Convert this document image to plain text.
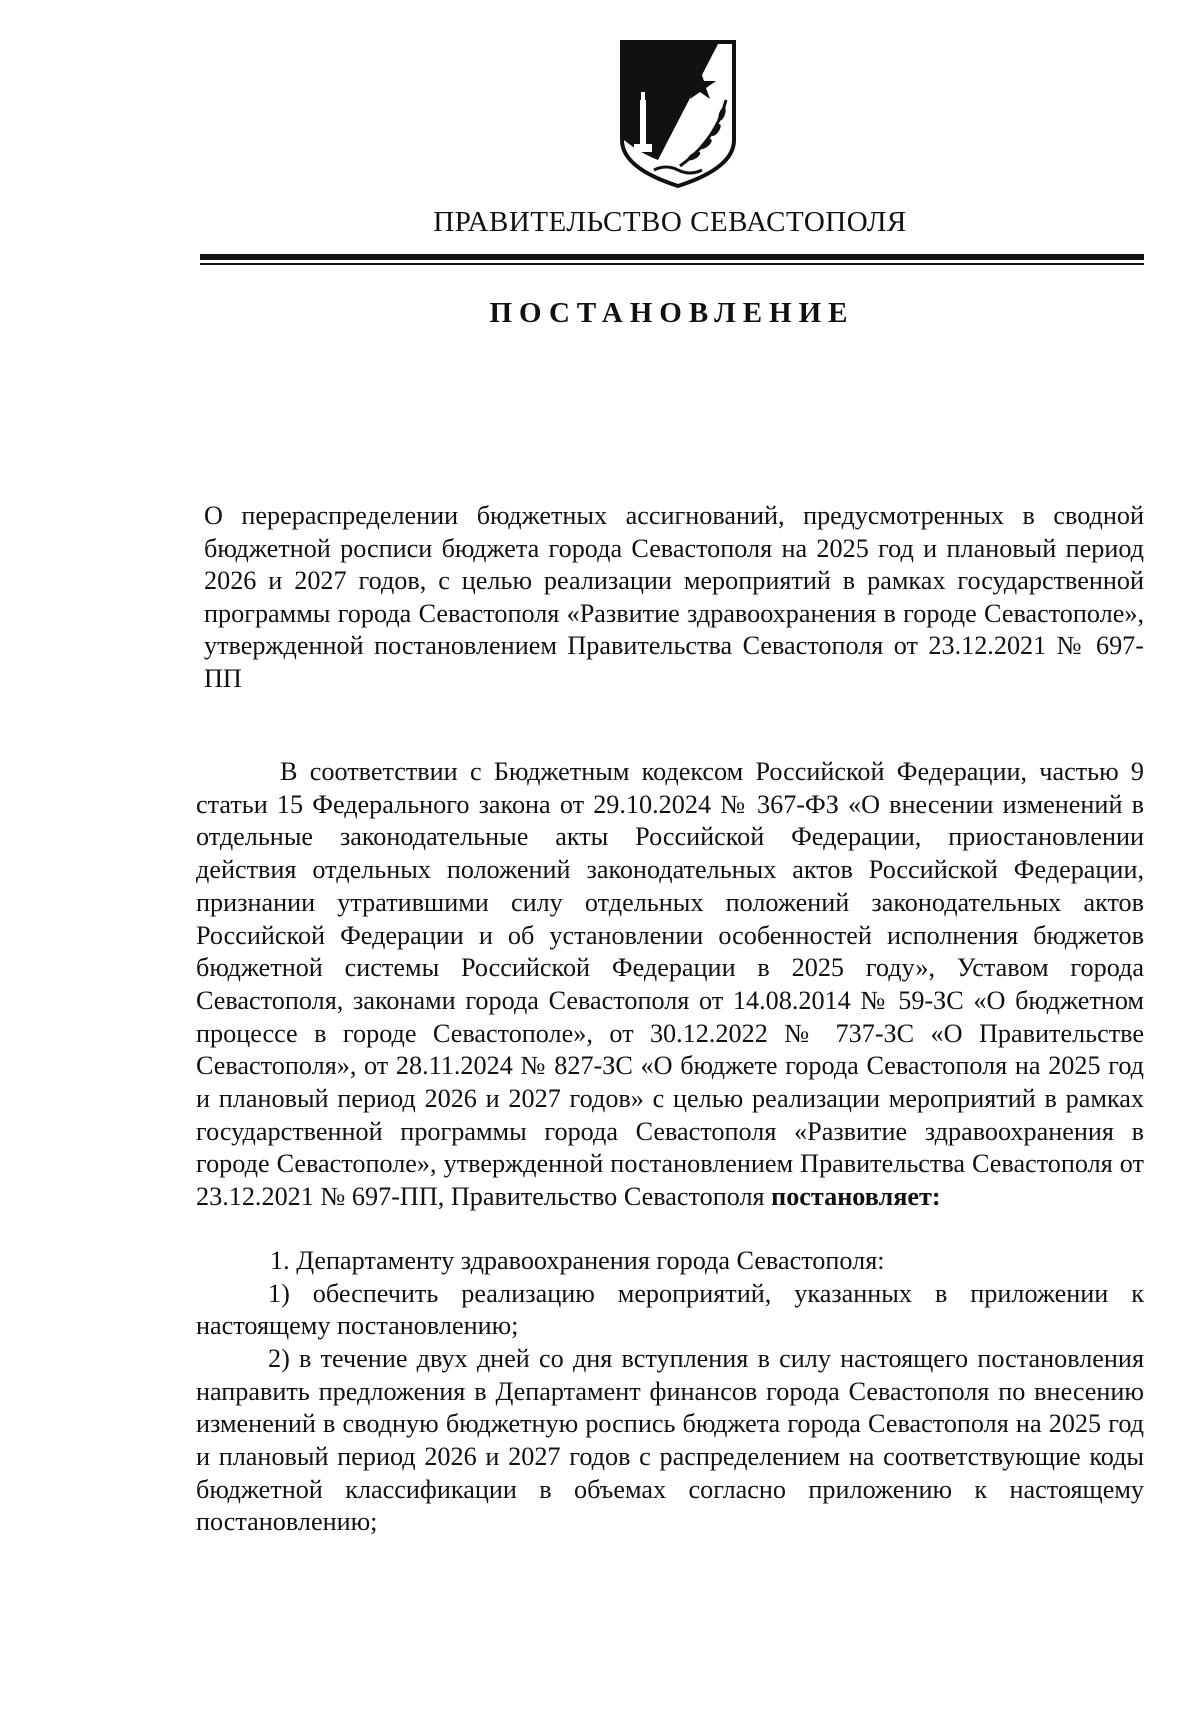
ПРАВИТЕЛЬСТВО СЕВАСТОПОЛЯ
ПОСТАНОВЛЕНИЕ
О перераспределении бюджетных ассигнований, предусмотренных в сводной бюджетной росписи бюджета города Севастополя на 2025 год и плановый период 2026 и 2027 годов, с целью реализации мероприятий в рамках государственной программы города Севастополя «Развитие здравоохранения в городе Севастополе», утвержденной постановлением Правительства Севастополя от 23.12.2021 № 697-ПП

В соответствии с Бюджетным кодексом Российской Федерации, частью 9 статьи 15 Федерального закона от 29.10.2024 № 367-ФЗ «О внесении изменений в отдельные законодательные акты Российской Федерации, приостановлении действия отдельных положений законодательных актов Российской Федерации, признании утратившими силу отдельных положений законодательных актов Российской Федерации и об установлении особенностей исполнения бюджетов бюджетной системы Российской Федерации в 2025 году», Уставом города Севастополя, законами города Севастополя от 14.08.2014 № 59-ЗС «О бюджетном процессе в городе Севастополе», от 30.12.2022 № 737-ЗС «О Правительстве Севастополя», от 28.11.2024 № 827-ЗС «О бюджете города Севастополя на 2025 год и плановый период 2026 и 2027 годов» с целью реализации мероприятий в рамках государственной программы города Севастополя «Развитие здравоохранения в городе Севастополе», утвержденной постановлением Правительства Севастополя от 23.12.2021 № 697-ПП, Правительство Севастополя постановляет:

1. Департаменту здравоохранения города Севастополя:

1) обеспечить реализацию мероприятий, указанных в приложении к настоящему постановлению;

2) в течение двух дней со дня вступления в силу настоящего постановления направить предложения в Департамент финансов города Севастополя по внесению изменений в сводную бюджетную роспись бюджета города Севастополя на 2025 год и плановый период 2026 и 2027 годов с распределением на соответствующие коды бюджетной классификации в объемах согласно приложению к настоящему постановлению;
